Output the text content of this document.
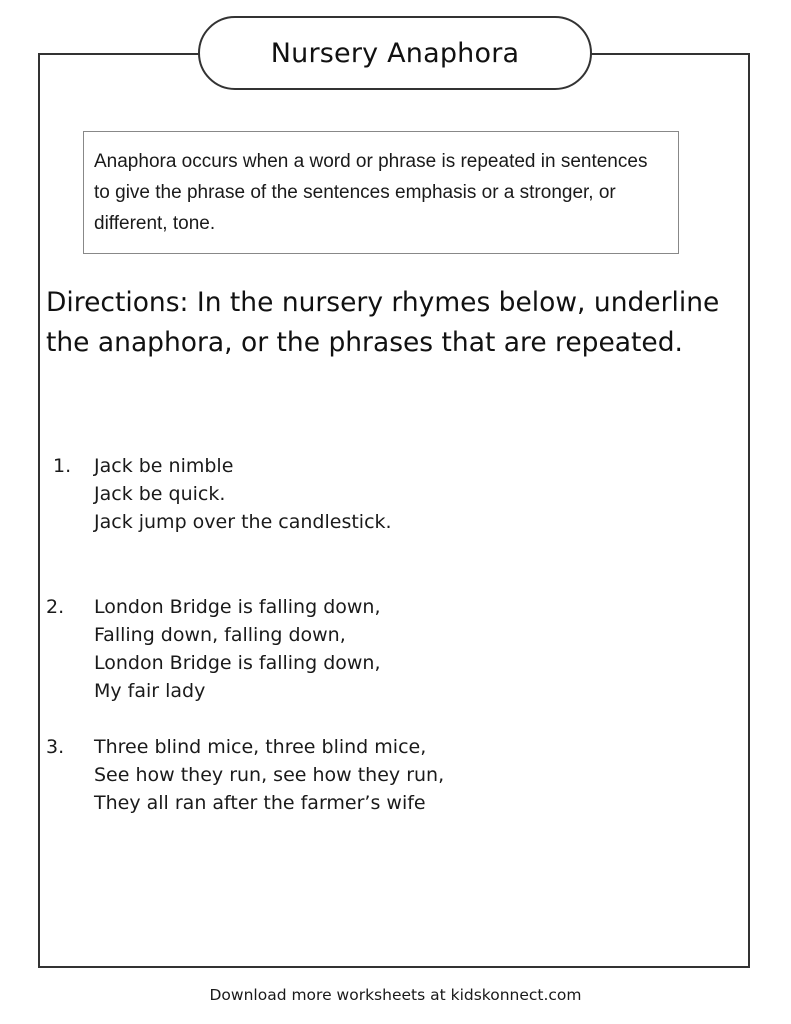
Nursery Anaphora
Anaphora occurs when a word or phrase is repeated in sentences to give the phrase of the sentences emphasis or a stronger, or different, tone.
Directions: In the nursery rhymes below, underline the anaphora, or the phrases that are repeated.
1.	Jack be nimble
Jack be quick.
Jack jump over the candlestick.
2.	London Bridge is falling down,
Falling down, falling down,
London Bridge is falling down,
My fair lady
3.	Three blind mice, three blind mice,
See how they run, see how they run,
They all ran after the farmer’s wife
Download more worksheets at kidskonnect.com
